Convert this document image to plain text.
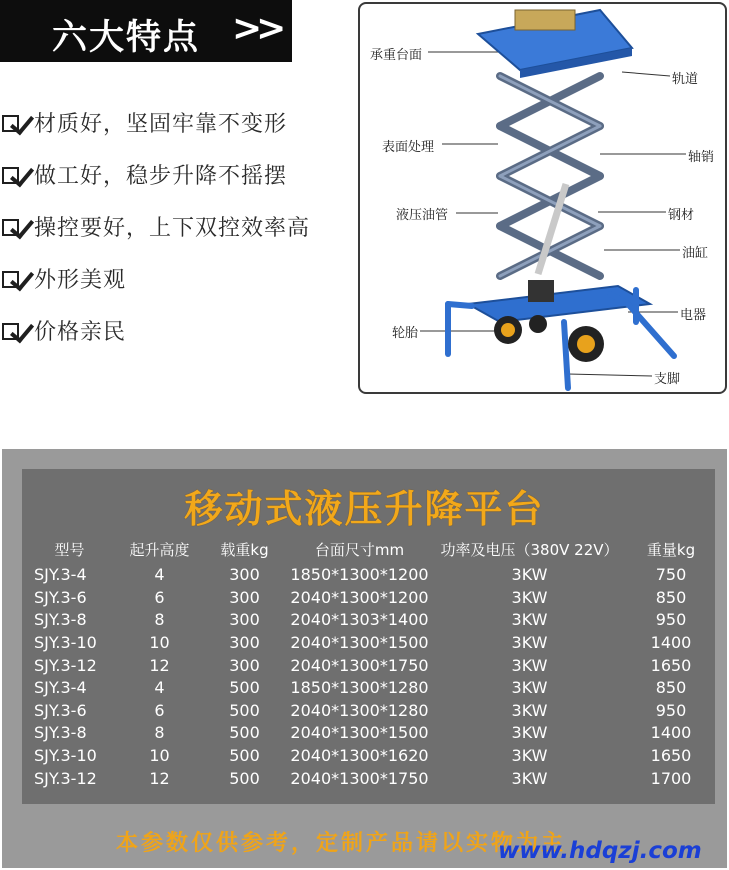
六大特点 >>
材质好，坚固牢靠不变形
做工好，稳步升降不摇摆
操控要好，上下双控效率高
外形美观
价格亲民
承重台面
轨道
表面处理
轴销
液压油管	钢材
油缸
轮胎
电器
支脚
移动式液压升降平台
型号	起升高度	载重kg	台面尺寸mm	功率及电压（380V 22V）	重量kg
SJY.3-4	4	300	1850*1300*1200	3KW	750
SJY.3-6	6	300	2040*1300*1200	3KW	850
SJY.3-8	8	300	2040*1303*1400	3KW	950
SJY.3-10	10	300	2040*1300*1500	3KW	1400
SJY.3-12	12	300	2040*1300*1750	3KW	1650
SJY.3-4	4	500	1850*1300*1280	3KW	850
SJY.3-6	6	500	2040*1300*1280	3KW	950
SJY.3-8	8	500	2040*1300*1500	3KW	1400
SJY.3-10	10	500	2040*1300*1620	3KW	1650
SJY.3-12	12	500	2040*1300*1750	3KW	1700
本参数仅供参考，定制产品请以实物为主
www.hdqzj.com
